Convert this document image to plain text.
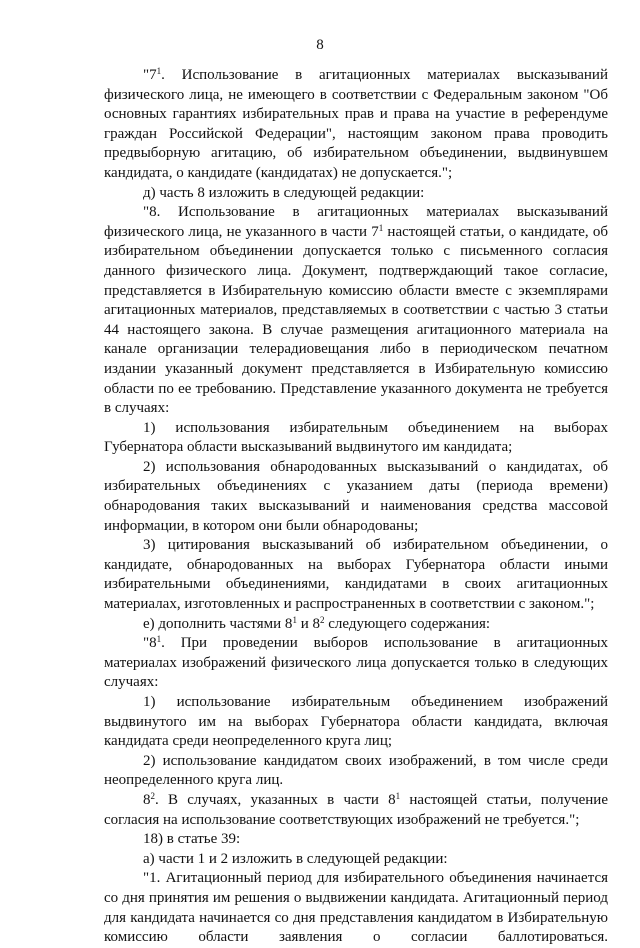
8

"$7^1$. Использование в агитационных материалах высказываний физического лица, не имеющего в соответствии с Федеральным законом "Об основных гарантиях избирательных прав и права на участие в референдуме граждан Российской Федерации", настоящим законом права проводить предвыборную агитацию, об избирательном объединении, выдвинувшем кандидата, о кандидате (кандидатах) не допускается.";

д) часть 8 изложить в следующей редакции:

"8. Использование в агитационных материалах высказываний физического лица, не указанного в части $7^1$ настоящей статьи, о кандидате, об избирательном объединении допускается только с письменного согласия данного физического лица. Документ, подтверждающий такое согласие, представляется в Избирательную комиссию области вместе с экземплярами агитационных материалов, представляемых в соответствии с частью 3 статьи 44 настоящего закона. В случае размещения агитационного материала на канале организации телерадиовещания либо в периодическом печатном издании указанный документ представляется в Избирательную комиссию области по ее требованию. Представление указанного документа не требуется в случаях:

1) использования избирательным объединением на выборах Губернатора области высказываний выдвинутого им кандидата;

2) использования обнародованных высказываний о кандидатах, об избирательных объединениях с указанием даты (периода времени) обнародования таких высказываний и наименования средства массовой информации, в котором они были обнародованы;

3) цитирования высказываний об избирательном объединении, о кандидате, обнародованных на выборах Губернатора области иными избирательными объединениями, кандидатами в своих агитационных материалах, изготовленных и распространенных в соответствии с законом.";

е) дополнить частями $8^1$ и $8^2$ следующего содержания:

"$8^1$. При проведении выборов использование в агитационных материалах изображений физического лица допускается только в следующих случаях:

1) использование избирательным объединением изображений выдвинутого им на выборах Губернатора области кандидата, включая кандидата среди неопределенного круга лиц;

2) использование кандидатом своих изображений, в том числе среди неопределенного круга лиц.

$8^2$. В случаях, указанных в части $8^1$ настоящей статьи, получение согласия на использование соответствующих изображений не требуется.";

18) в статье 39:

а) части 1 и 2 изложить в следующей редакции:

"1. Агитационный период для избирательного объединения начинается со дня принятия им решения о выдвижении кандидата. Агитационный период для кандидата начинается со дня представления кандидатом в Избирательную комиссию области заявления о согласии баллотироваться.
